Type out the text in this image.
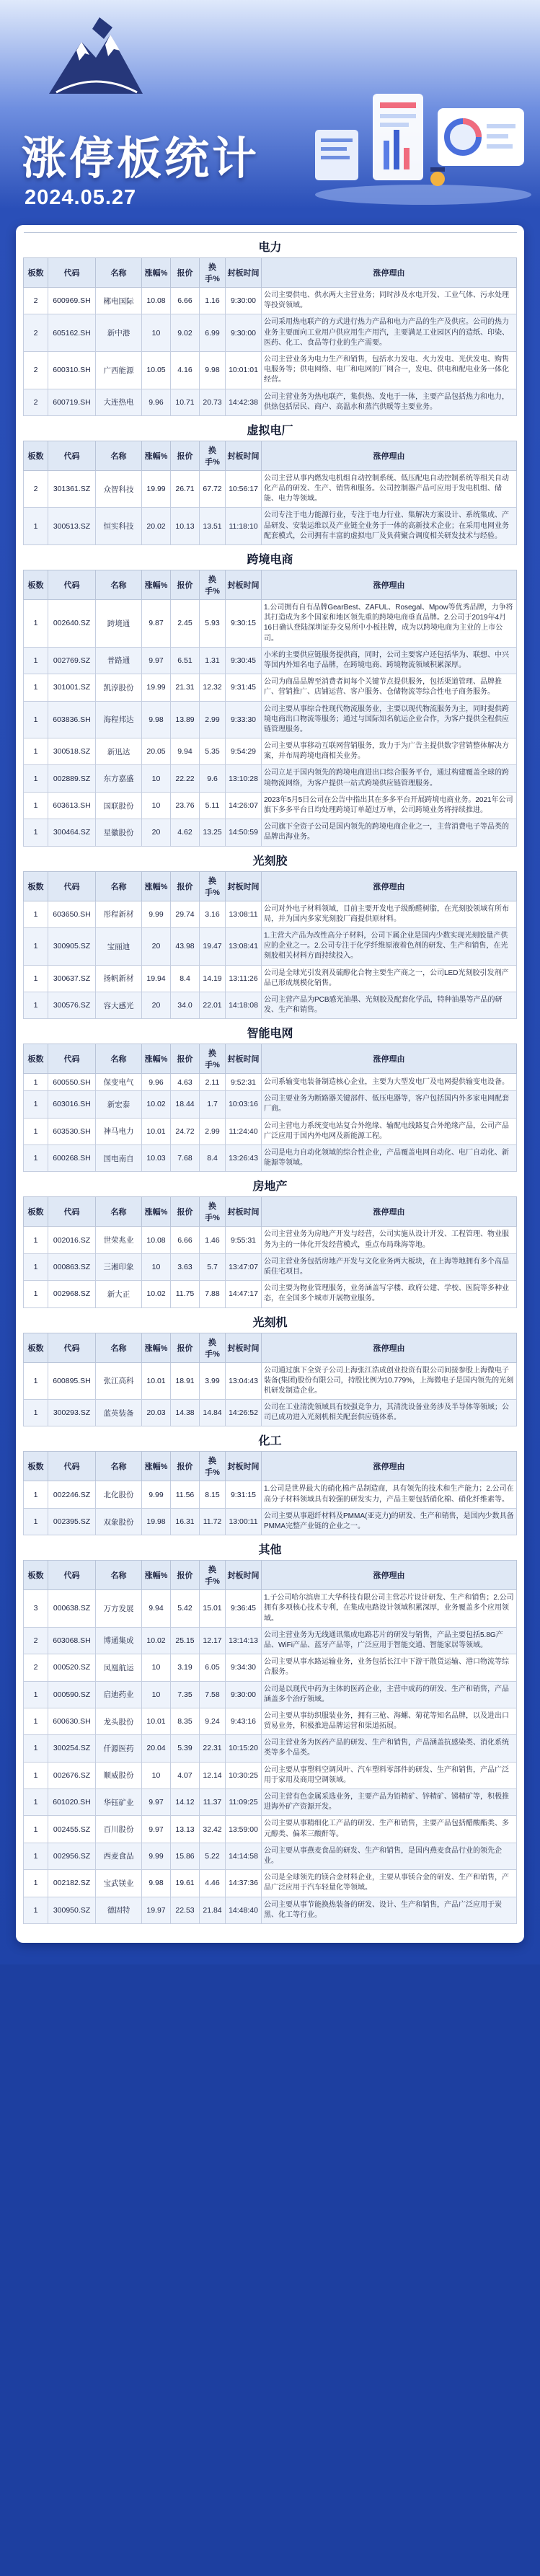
涨停板统计
2024.05.27
电力							
板数	代码	名称	涨幅%	报价	换手%	封板时间	涨停理由
2	600969.SH	郴电国际	10.08	6.66	1.16	9:30:00	公司主要供电、供水两大主营业务；同时涉及水电开发、工业气体、污水处理等投资领域。
2	605162.SH	新中港	10	9.02	6.99	9:30:00	公司采用热电联产的方式进行热力产品和电力产品的生产及供应。公司的热力业务主要面向工业用户供应用生产用汽，主要满足工业园区内的造纸、印染、医药、化工、食品等行业的生产需要。
2	600310.SH	广西能源	10.05	4.16	9.98	10:01:01	公司主营业务为电力生产和销售，包括水力发电、火力发电、光伏发电、购售电服务等；供电网络、电厂和电网的厂网合一，发电、供电和配电业务一体化经营。
2	600719.SH	大连热电	9.96	10.71	20.73	14:42:38	公司主营业务为热电联产，集供热、发电于一体，主要产品包括热力和电力，供热包括居民、商户、高温水和蒸汽供暖等主要业务。
虚拟电厂							
板数	代码	名称	涨幅%	报价	换手%	封板时间	涨停理由
2	301361.SZ	众智科技	19.99	26.71	67.72	10:56:17	公司主营从事内燃发电机组自动控制系统、低压配电自动控制系统等相关自动化产品的研发、生产、销售和服务。公司控制器产品可应用于发电机组、储能、电力等领域。
1	300513.SZ	恒实科技	20.02	10.13	13.51	11:18:10	公司专注于电力能源行业，专注于电力行业、集解决方案设计、系统集成、产品研发、安装运维以及产业链全业务于一体的高新技术企业；在采用电网业务配套模式，公司拥有丰富的虚拟电厂及负荷聚合调度相关研发技术与经验。
跨境电商							
板数	代码	名称	涨幅%	报价	换手%	封板时间	涨停理由
1	002640.SZ	跨境通	9.87	2.45	5.93	9:30:15	1.公司拥有自有品牌GearBest、ZAFUL、Rosegal、Mpow等优秀品牌，力争将其打造成为多个国家和地区领先重的跨境电商垂直品牌。2.公司于2019年4月16日确认登陆深圳证券交易所中小板挂牌，成为以跨境电商为主业的上市公司。
1	002769.SZ	普路通	9.97	6.51	1.31	9:30:45	小米的主要供应链服务提供商，同时，公司主要客户还包括华为、联想、中兴等国内外知名电子品牌，在跨境电商、跨境物流领域积累深厚。
1	301001.SZ	凯淳股份	19.99	21.31	12.32	9:31:45	公司为商品品牌至消费者间每个关键节点提供服务，包括渠道管理、品牌推广、营销推广、店铺运营、客户服务、仓储物流等综合性电子商务服务。
1	603836.SH	海程邦达	9.98	13.89	2.99	9:33:30	公司主要从事综合性现代物流服务业，主要以现代物流服务为主，同时提供跨境电商出口物流等服务；通过与国际知名航运企业合作，为客户提供全程供应链管理服务。
1	300518.SZ	新迅达	20.05	9.94	5.35	9:54:29	公司主要从事移动互联网营销服务，致力于为广告主提供数字营销整体解决方案，并布局跨境电商相关业务。
1	002889.SZ	东方嘉盛	10	22.22	9.6	13:10:28	公司立足于国内领先的跨境电商进出口综合服务平台，通过构建覆盖全球的跨境物流网络，为客户提供一站式跨境供应链管理服务。
1	603613.SH	国联股份	10	23.76	5.11	14:26:07	2023年5月5日公司在公告中指出其在多多平台开展跨境电商业务。2021年公司旗下多多平台日均处理跨境订单超过万单，公司跨境业务将持续推进。
1	300464.SZ	星徽股份	20	4.62	13.25	14:50:59	公司旗下全资子公司是国内领先的跨境电商企业之一，主营消费电子等品类的品牌出海业务。
光刻胶							
板数	代码	名称	涨幅%	报价	换手%	封板时间	涨停理由
1	603650.SH	彤程新材	9.99	29.74	3.16	13:08:11	公司对外电子材料领域，目前主要开发电子级酚醛树脂，在光刻胶领域有所布局，并为国内多家光刻胶厂商提供原材料。
1	300905.SZ	宝丽迪	20	43.98	19.47	13:08:41	1.主营大产品为改性高分子材料，公司下属企业是国内少数实现光刻胶量产供应的企业之一。2.公司专注于化学纤维原液着色剂的研发、生产和销售，在光刻胶相关材料方面持续投入。
1	300637.SZ	扬帆新材	19.94	8.4	14.19	13:11:26	公司是全球光引发剂及硫醇化合物主要生产商之一，公司LED光刻胶引发剂产品已形成规模化销售。
1	300576.SZ	容大感光	20	34.0	22.01	14:18:08	公司主营产品为PCB感光油墨、光刻胶及配套化学品，特种油墨等产品的研发、生产和销售。
智能电网							
板数	代码	名称	涨幅%	报价	换手%	封板时间	涨停理由
1	600550.SH	保变电气	9.96	4.63	2.11	9:52:31	公司系输变电装备制造核心企业，主要为大型发电厂及电网提供输变电设备。
1	603016.SH	新宏泰	10.02	18.44	1.7	10:03:16	公司主要业务为断路器关键部件、低压电器等，客户包括国内外多家电网配套厂商。
1	603530.SH	神马电力	10.01	24.72	2.99	11:24:40	公司主营电力系统变电站复合外绝缘、输配电线路复合外绝缘产品，公司产品广泛应用于国内外电网及新能源工程。
1	600268.SH	国电南自	10.03	7.68	8.4	13:26:43	公司是电力自动化领域的综合性企业，产品覆盖电网自动化、电厂自动化、新能源等领域。
房地产							
板数	代码	名称	涨幅%	报价	换手%	封板时间	涨停理由
1	002016.SZ	世荣兆业	10.08	6.66	1.46	9:55:31	公司主营业务为房地产开发与经营，公司实施从设计开发、工程管理、物业服务为主的一体化开发经营模式，重点布局珠海等地。
1	000863.SZ	三湘印象	10	3.63	5.7	13:47:07	公司主营业务包括房地产开发与文化业务两大板块，在上海等地拥有多个高品质住宅项目。
1	002968.SZ	新大正	10.02	11.75	7.88	14:47:17	公司主要为物业管理服务，业务涵盖写字楼、政府公建、学校、医院等多种业态，在全国多个城市开展物业服务。
光刻机							
板数	代码	名称	涨幅%	报价	换手%	封板时间	涨停理由
1	600895.SH	张江高科	10.01	18.91	3.99	13:04:43	公司通过旗下全资子公司上海张江浩成创业投资有限公司间接参股上海微电子装备(集团)股份有限公司，持股比例为10.779%，上海微电子是国内领先的光刻机研发制造企业。
1	300293.SZ	蓝英装备	20.03	14.38	14.84	14:26:52	公司在工业清洗领域具有较强竞争力，其清洗设备业务涉及半导体等领域；公司已成功进入光刻机相关配套供应链体系。
化工							
板数	代码	名称	涨幅%	报价	换手%	封板时间	涨停理由
1	002246.SZ	北化股份	9.99	11.56	8.15	9:31:15	1.公司是世界最大的硝化棉产品制造商，具有领先的技术和生产能力；2.公司在高分子材料领域具有较强的研发实力，产品主要包括硝化棉、硝化纤维素等。
1	002395.SZ	双象股份	19.98	16.31	11.72	13:00:11	公司主要从事超纤材料及PMMA(亚克力)的研发、生产和销售，是国内少数具备PMMA完整产业链的企业之一。
其他							
板数	代码	名称	涨幅%	报价	换手%	封板时间	涨停理由
3	000638.SZ	万方发展	9.94	5.42	15.01	9:36:45	1.子公司哈尔滨唐工大华科技有限公司主营芯片设计研发、生产和销售；2.公司拥有多项核心技术专利，在集成电路设计领域积累深厚，业务覆盖多个应用领域。
2	603068.SH	博通集成	10.02	25.15	12.17	13:14:13	公司主营业务为无线通讯集成电路芯片的研发与销售，产品主要包括5.8G产品、WiFi产品、蓝牙产品等，广泛应用于智能交通、智能家居等领域。
2	000520.SZ	凤凰航运	10	3.19	6.05	9:34:30	公司主要从事水路运输业务，业务包括长江中下游干散货运输、港口物流等综合服务。
1	000590.SZ	启迪药业	10	7.35	7.58	9:30:00	公司是以现代中药为主体的医药企业，主营中成药的研发、生产和销售，产品涵盖多个治疗领域。
1	600630.SH	龙头股份	10.01	8.35	9.24	9:43:16	公司主要从事纺织服装业务，拥有三枪、海螺、菊花等知名品牌，以及进出口贸易业务，积极推进品牌运营和渠道拓展。
1	300254.SZ	仟源医药	20.04	5.39	22.31	10:15:20	公司主营业务为医药产品的研发、生产和销售，产品涵盖抗感染类、消化系统类等多个品类。
1	002676.SZ	顺威股份	10	4.07	12.14	10:30:25	公司主要从事塑料空调风叶、汽车塑料零部件的研发、生产和销售，产品广泛用于家用及商用空调领域。
1	601020.SH	华钰矿业	9.97	14.12	11.37	11:09:25	公司主营有色金属采选业务，主要产品为铅精矿、锌精矿、锑精矿等，积极推进海外矿产资源开发。
1	002455.SZ	百川股份	9.97	13.13	32.42	13:59:00	公司主要从事精细化工产品的研发、生产和销售，主要产品包括醋酸酯类、多元醇类、偏苯三酸酐等。
1	002956.SZ	西麦食品	9.99	15.86	5.22	14:14:58	公司主要从事燕麦食品的研发、生产和销售，是国内燕麦食品行业的领先企业。
1	002182.SZ	宝武镁业	9.98	19.61	4.46	14:37:36	公司是全球领先的镁合金材料企业，主要从事镁合金的研发、生产和销售，产品广泛应用于汽车轻量化等领域。
1	300950.SZ	德固特	19.97	22.53	21.84	14:48:40	公司主要从事节能换热装备的研发、设计、生产和销售，产品广泛应用于炭黑、化工等行业。
